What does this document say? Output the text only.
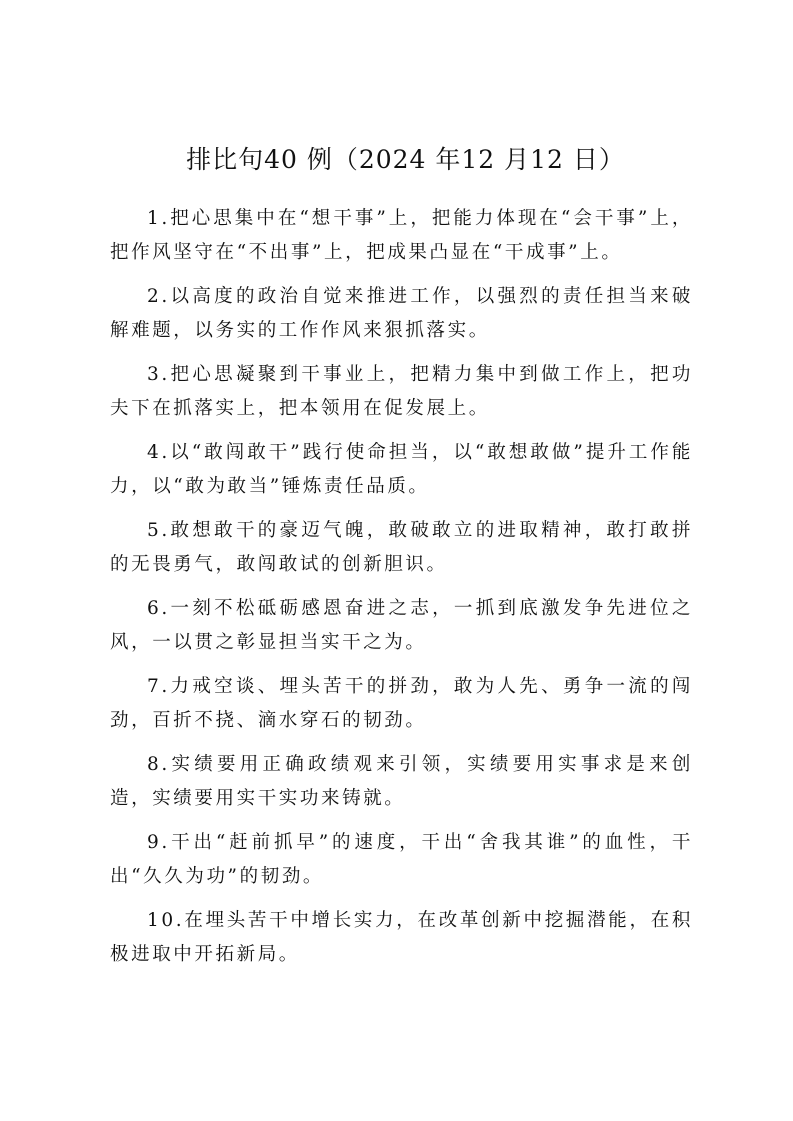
排比句40 例（2024 年12 月12 日）

1.把心思集中在“想干事”上，把能力体现在“会干事”上，把作风坚守在“不出事”上，把成果凸显在“干成事”上。

2.以高度的政治自觉来推进工作，以强烈的责任担当来破解难题，以务实的工作作风来狠抓落实。

3.把心思凝聚到干事业上，把精力集中到做工作上，把功夫下在抓落实上，把本领用在促发展上。

4.以“敢闯敢干”践行使命担当，以“敢想敢做”提升工作能力，以“敢为敢当”锤炼责任品质。

5.敢想敢干的豪迈气魄，敢破敢立的进取精神，敢打敢拼的无畏勇气，敢闯敢试的创新胆识。

6.一刻不松砥砺感恩奋进之志，一抓到底激发争先进位之风，一以贯之彰显担当实干之为。

7.力戒空谈、埋头苦干的拼劲，敢为人先、勇争一流的闯劲，百折不挠、滴水穿石的韧劲。

8.实绩要用正确政绩观来引领，实绩要用实事求是来创造，实绩要用实干实功来铸就。

9.干出“赶前抓早”的速度，干出“舍我其谁”的血性，干出“久久为功”的韧劲。

10.在埋头苦干中增长实力，在改革创新中挖掘潜能，在积极进取中开拓新局。
